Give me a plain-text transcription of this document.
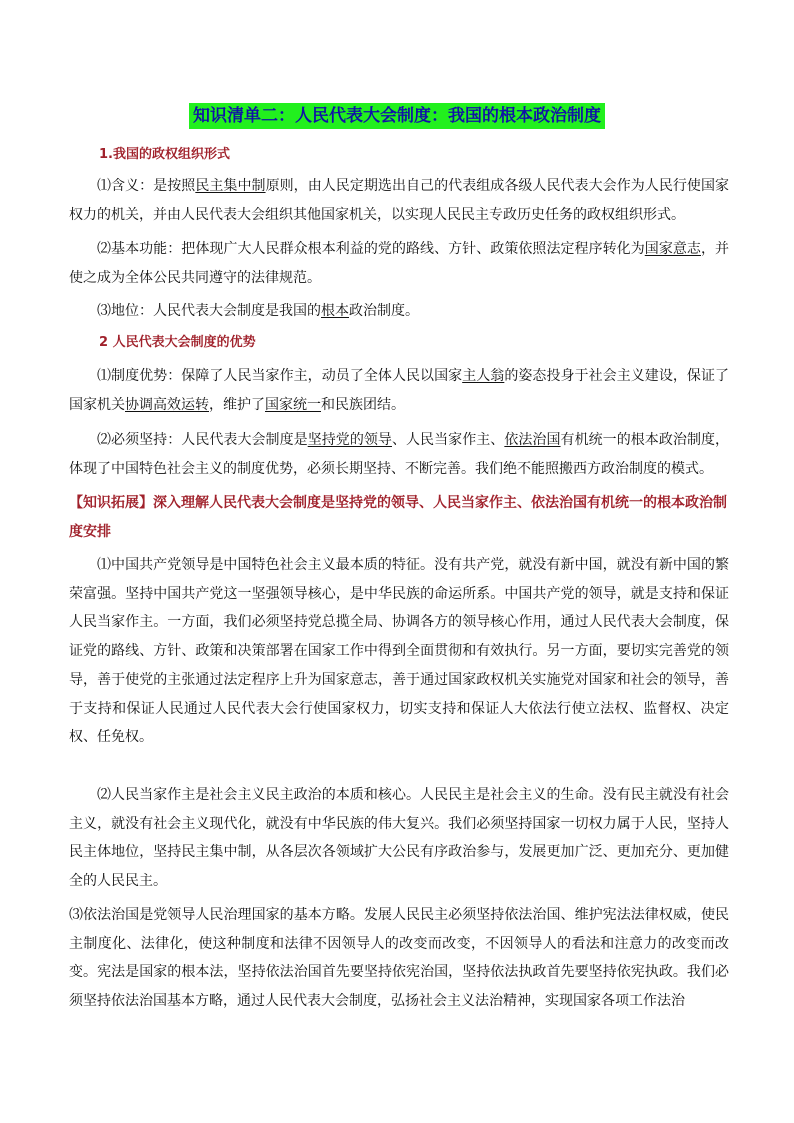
知识清单二：人民代表大会制度：我国的根本政治制度
1.我国的政权组织形式
⑴含义：是按照民主集中制原则，由人民定期选出自己的代表组成各级人民代表大会作为人民行使国家权力的机关，并由人民代表大会组织其他国家机关，以实现人民民主专政历史任务的政权组织形式。
⑵基本功能：把体现广大人民群众根本利益的党的路线、方针、政策依照法定程序转化为国家意志，并使之成为全体公民共同遵守的法律规范。
⑶地位：人民代表大会制度是我国的根本政治制度。
2 人民代表大会制度的优势
⑴制度优势：保障了人民当家作主，动员了全体人民以国家主人翁的姿态投身于社会主义建设，保证了国家机关协调高效运转，维护了国家统一和民族团结。
⑵必须坚持：人民代表大会制度是坚持党的领导、人民当家作主、依法治国有机统一的根本政治制度，体现了中国特色社会主义的制度优势，必须长期坚持、不断完善。我们绝不能照搬西方政治制度的模式。
【知识拓展】深入理解人民代表大会制度是坚持党的领导、人民当家作主、依法治国有机统一的根本政治制度安排
⑴中国共产党领导是中国特色社会主义最本质的特征。没有共产党，就没有新中国，就没有新中国的繁荣富强。坚持中国共产党这一坚强领导核心，是中华民族的命运所系。中国共产党的领导，就是支持和保证人民当家作主。一方面，我们必须坚持党总揽全局、协调各方的领导核心作用，通过人民代表大会制度，保证党的路线、方针、政策和决策部署在国家工作中得到全面贯彻和有效执行。另一方面，要切实完善党的领导，善于使党的主张通过法定程序上升为国家意志，善于通过国家政权机关实施党对国家和社会的领导，善于支持和保证人民通过人民代表大会行使国家权力，切实支持和保证人大依法行使立法权、监督权、决定权、任免权。
⑵人民当家作主是社会主义民主政治的本质和核心。人民民主是社会主义的生命。没有民主就没有社会主义，就没有社会主义现代化，就没有中华民族的伟大复兴。我们必须坚持国家一切权力属于人民，坚持人民主体地位，坚持民主集中制，从各层次各领域扩大公民有序政治参与，发展更加广泛、更加充分、更加健全的人民民主。
⑶依法治国是党领导人民治理国家的基本方略。发展人民民主必须坚持依法治国、维护宪法法律权威，使民主制度化、法律化，使这种制度和法律不因领导人的改变而改变，不因领导人的看法和注意力的改变而改变。宪法是国家的根本法，坚持依法治国首先要坚持依宪治国，坚持依法执政首先要坚持依宪执政。我们必须坚持依法治国基本方略，通过人民代表大会制度，弘扬社会主义法治精神，实现国家各项工作法治
